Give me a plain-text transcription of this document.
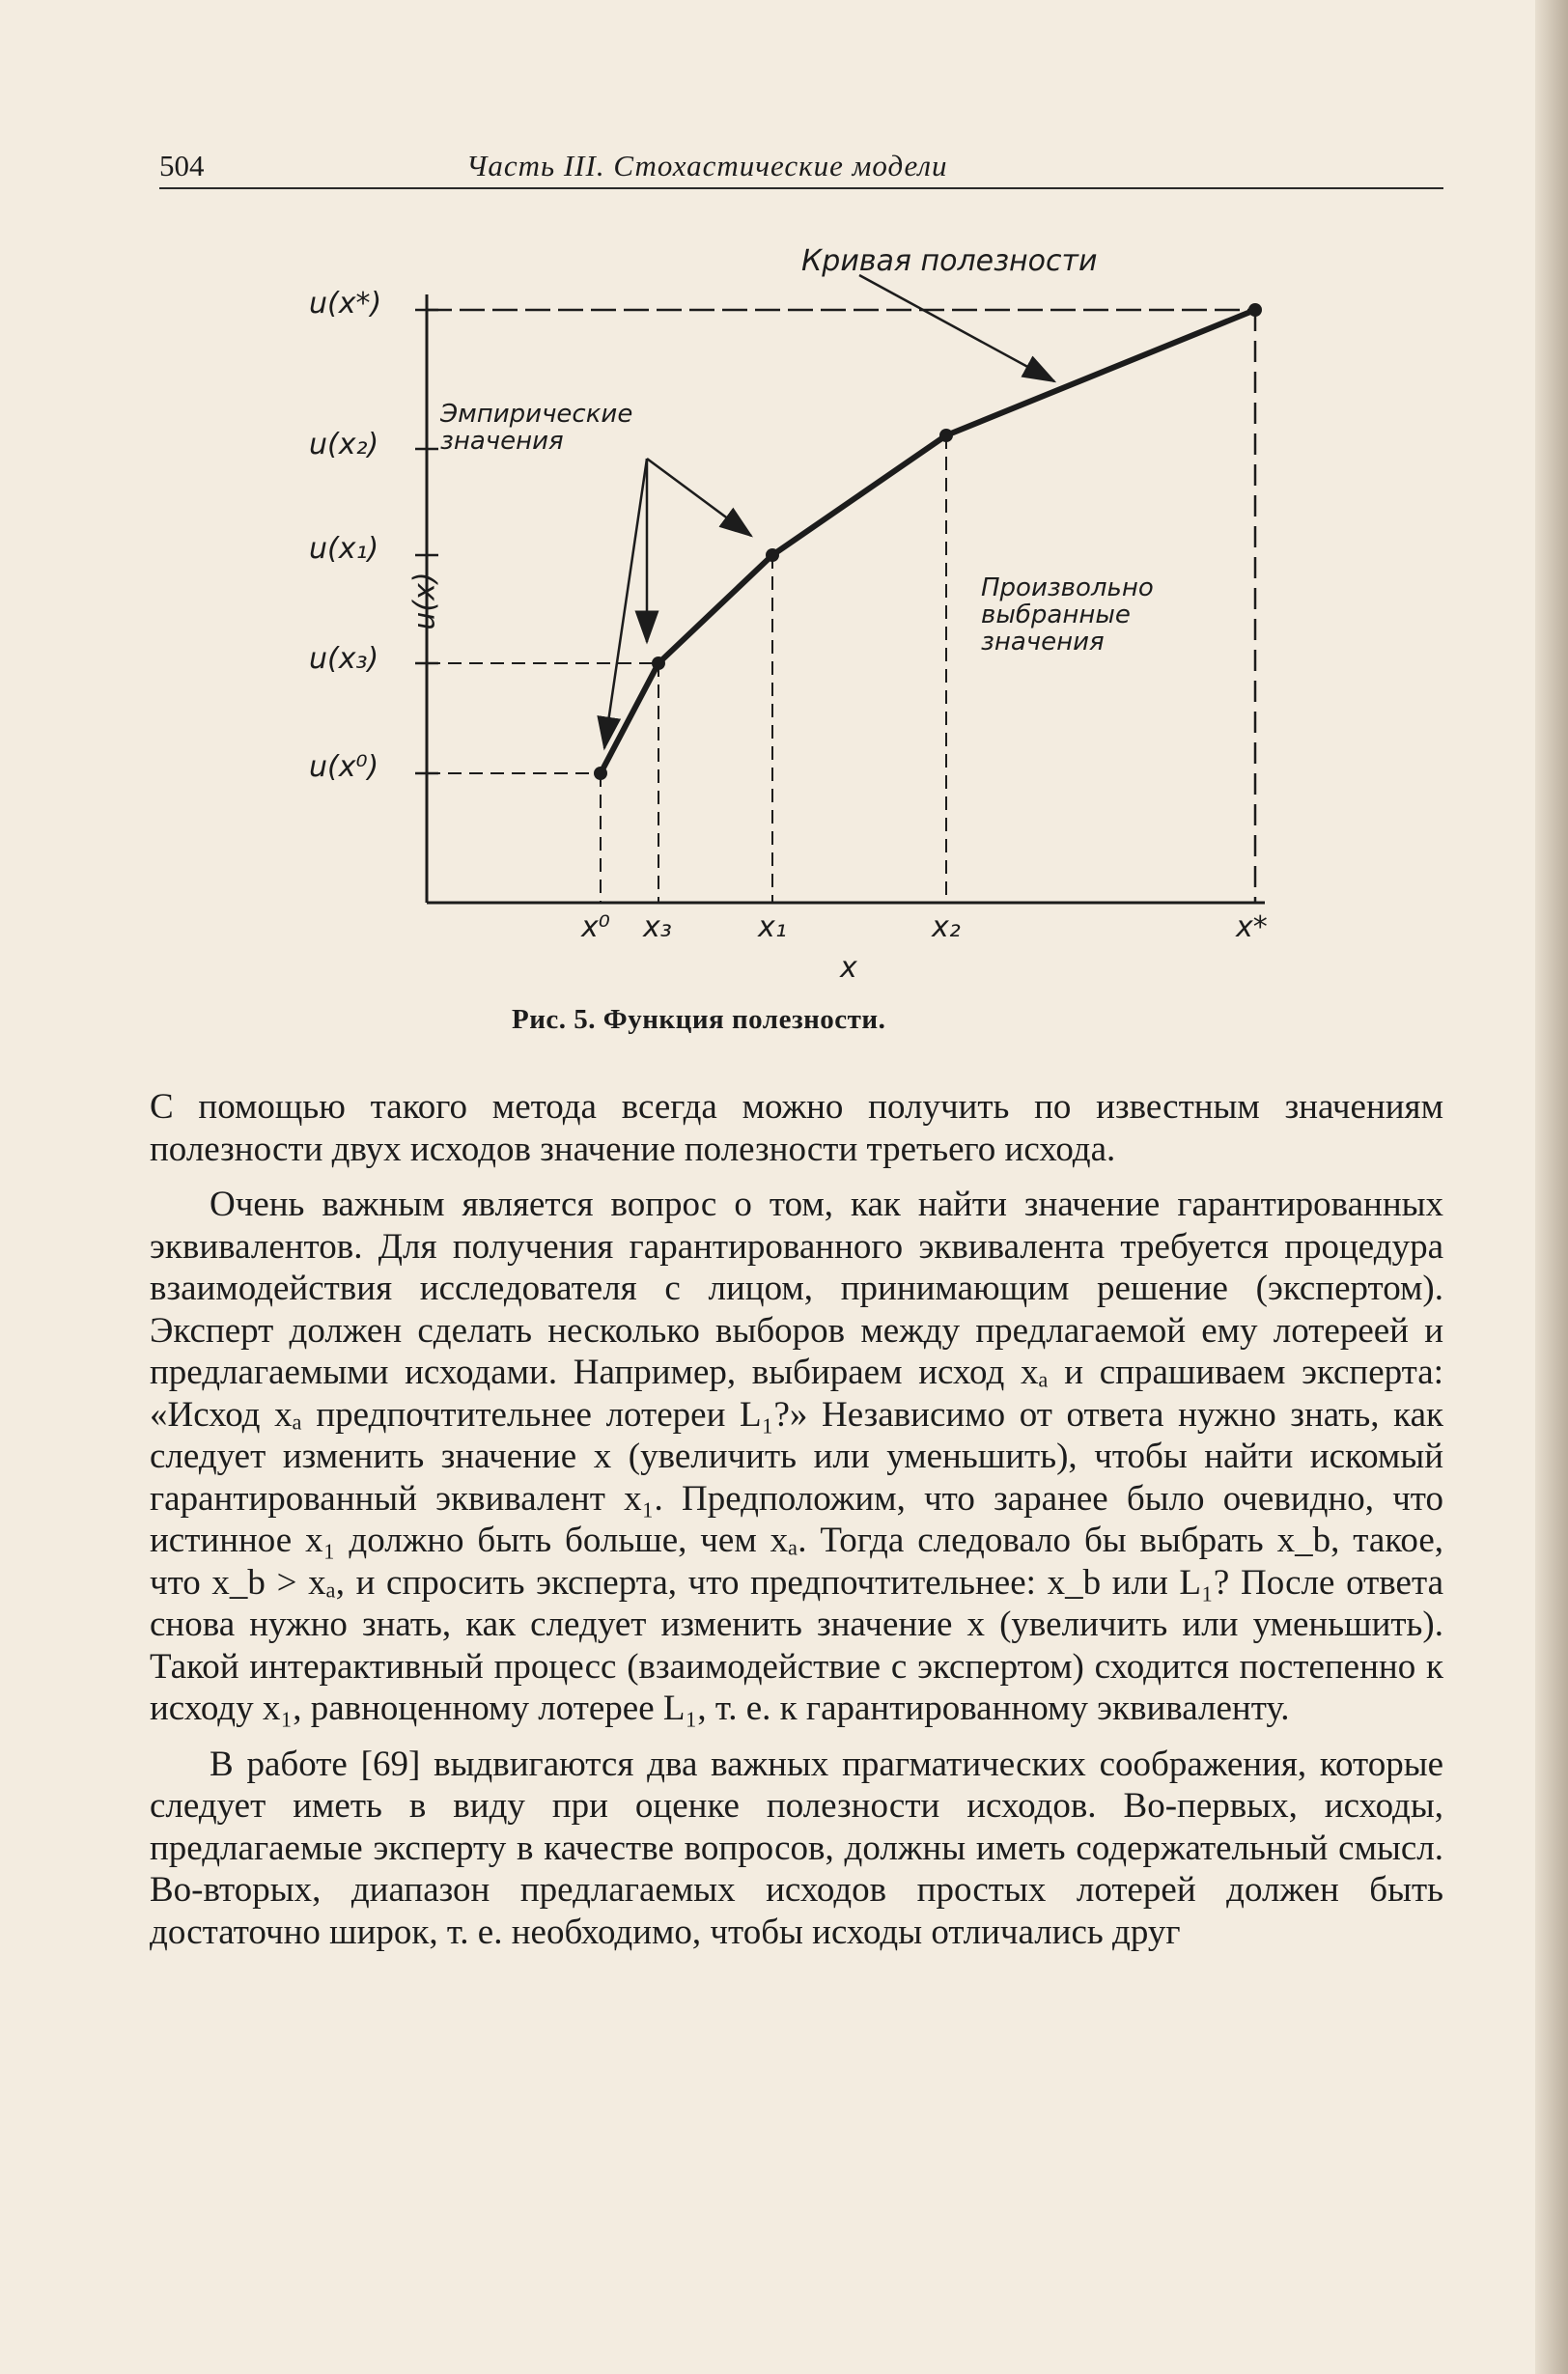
504	Часть III. Стохастические модели
u(x*)
u(x₂)
u(x₁)
u(x₃)
u(x⁰)
u(x)
x⁰ x₃	x₁	x₂	x*
x
Кривая полезности
Эмпирические
значения
Произвольно
выбранные
значения
Рис. 5. Функция полезности.

С помощью такого метода всегда можно получить по известным значениям полезности двух исходов значение полезности третьего исхода.

Очень важным является вопрос о том, как найти значение гарантированных эквивалентов. Для получения гарантированного эквивалента требуется процедура взаимодействия исследователя с лицом, принимающим решение (экспертом). Эксперт должен сделать несколько выборов между предлагаемой ему лотереей и предлагаемыми исходами. Например, выбираем исход xₐ и спрашиваем эксперта: «Исход xₐ предпочтительнее лотереи L₁?» Независимо от ответа нужно знать, как следует изменить значение x (увеличить или уменьшить), чтобы найти искомый гарантированный эквивалент x₁. Предположим, что заранее было очевидно, что истинное x₁ должно быть больше, чем xₐ. Тогда следовало бы выбрать x_b, такое, что x_b > xₐ, и спросить эксперта, что предпочтительнее: x_b или L₁? После ответа снова нужно знать, как следует изменить значение x (увеличить или уменьшить). Такой интерактивный процесс (взаимодействие с экспертом) сходится постепенно к исходу x₁, равноценному лотерее L₁, т. е. к гарантированному эквиваленту.

В работе [69] выдвигаются два важных прагматических соображения, которые следует иметь в виду при оценке полезности исходов. Во-первых, исходы, предлагаемые эксперту в качестве вопросов, должны иметь содержательный смысл. Во-вторых, диапазон предлагаемых исходов простых лотерей должен быть достаточно широк, т. е. необходимо, чтобы исходы отличались друг
